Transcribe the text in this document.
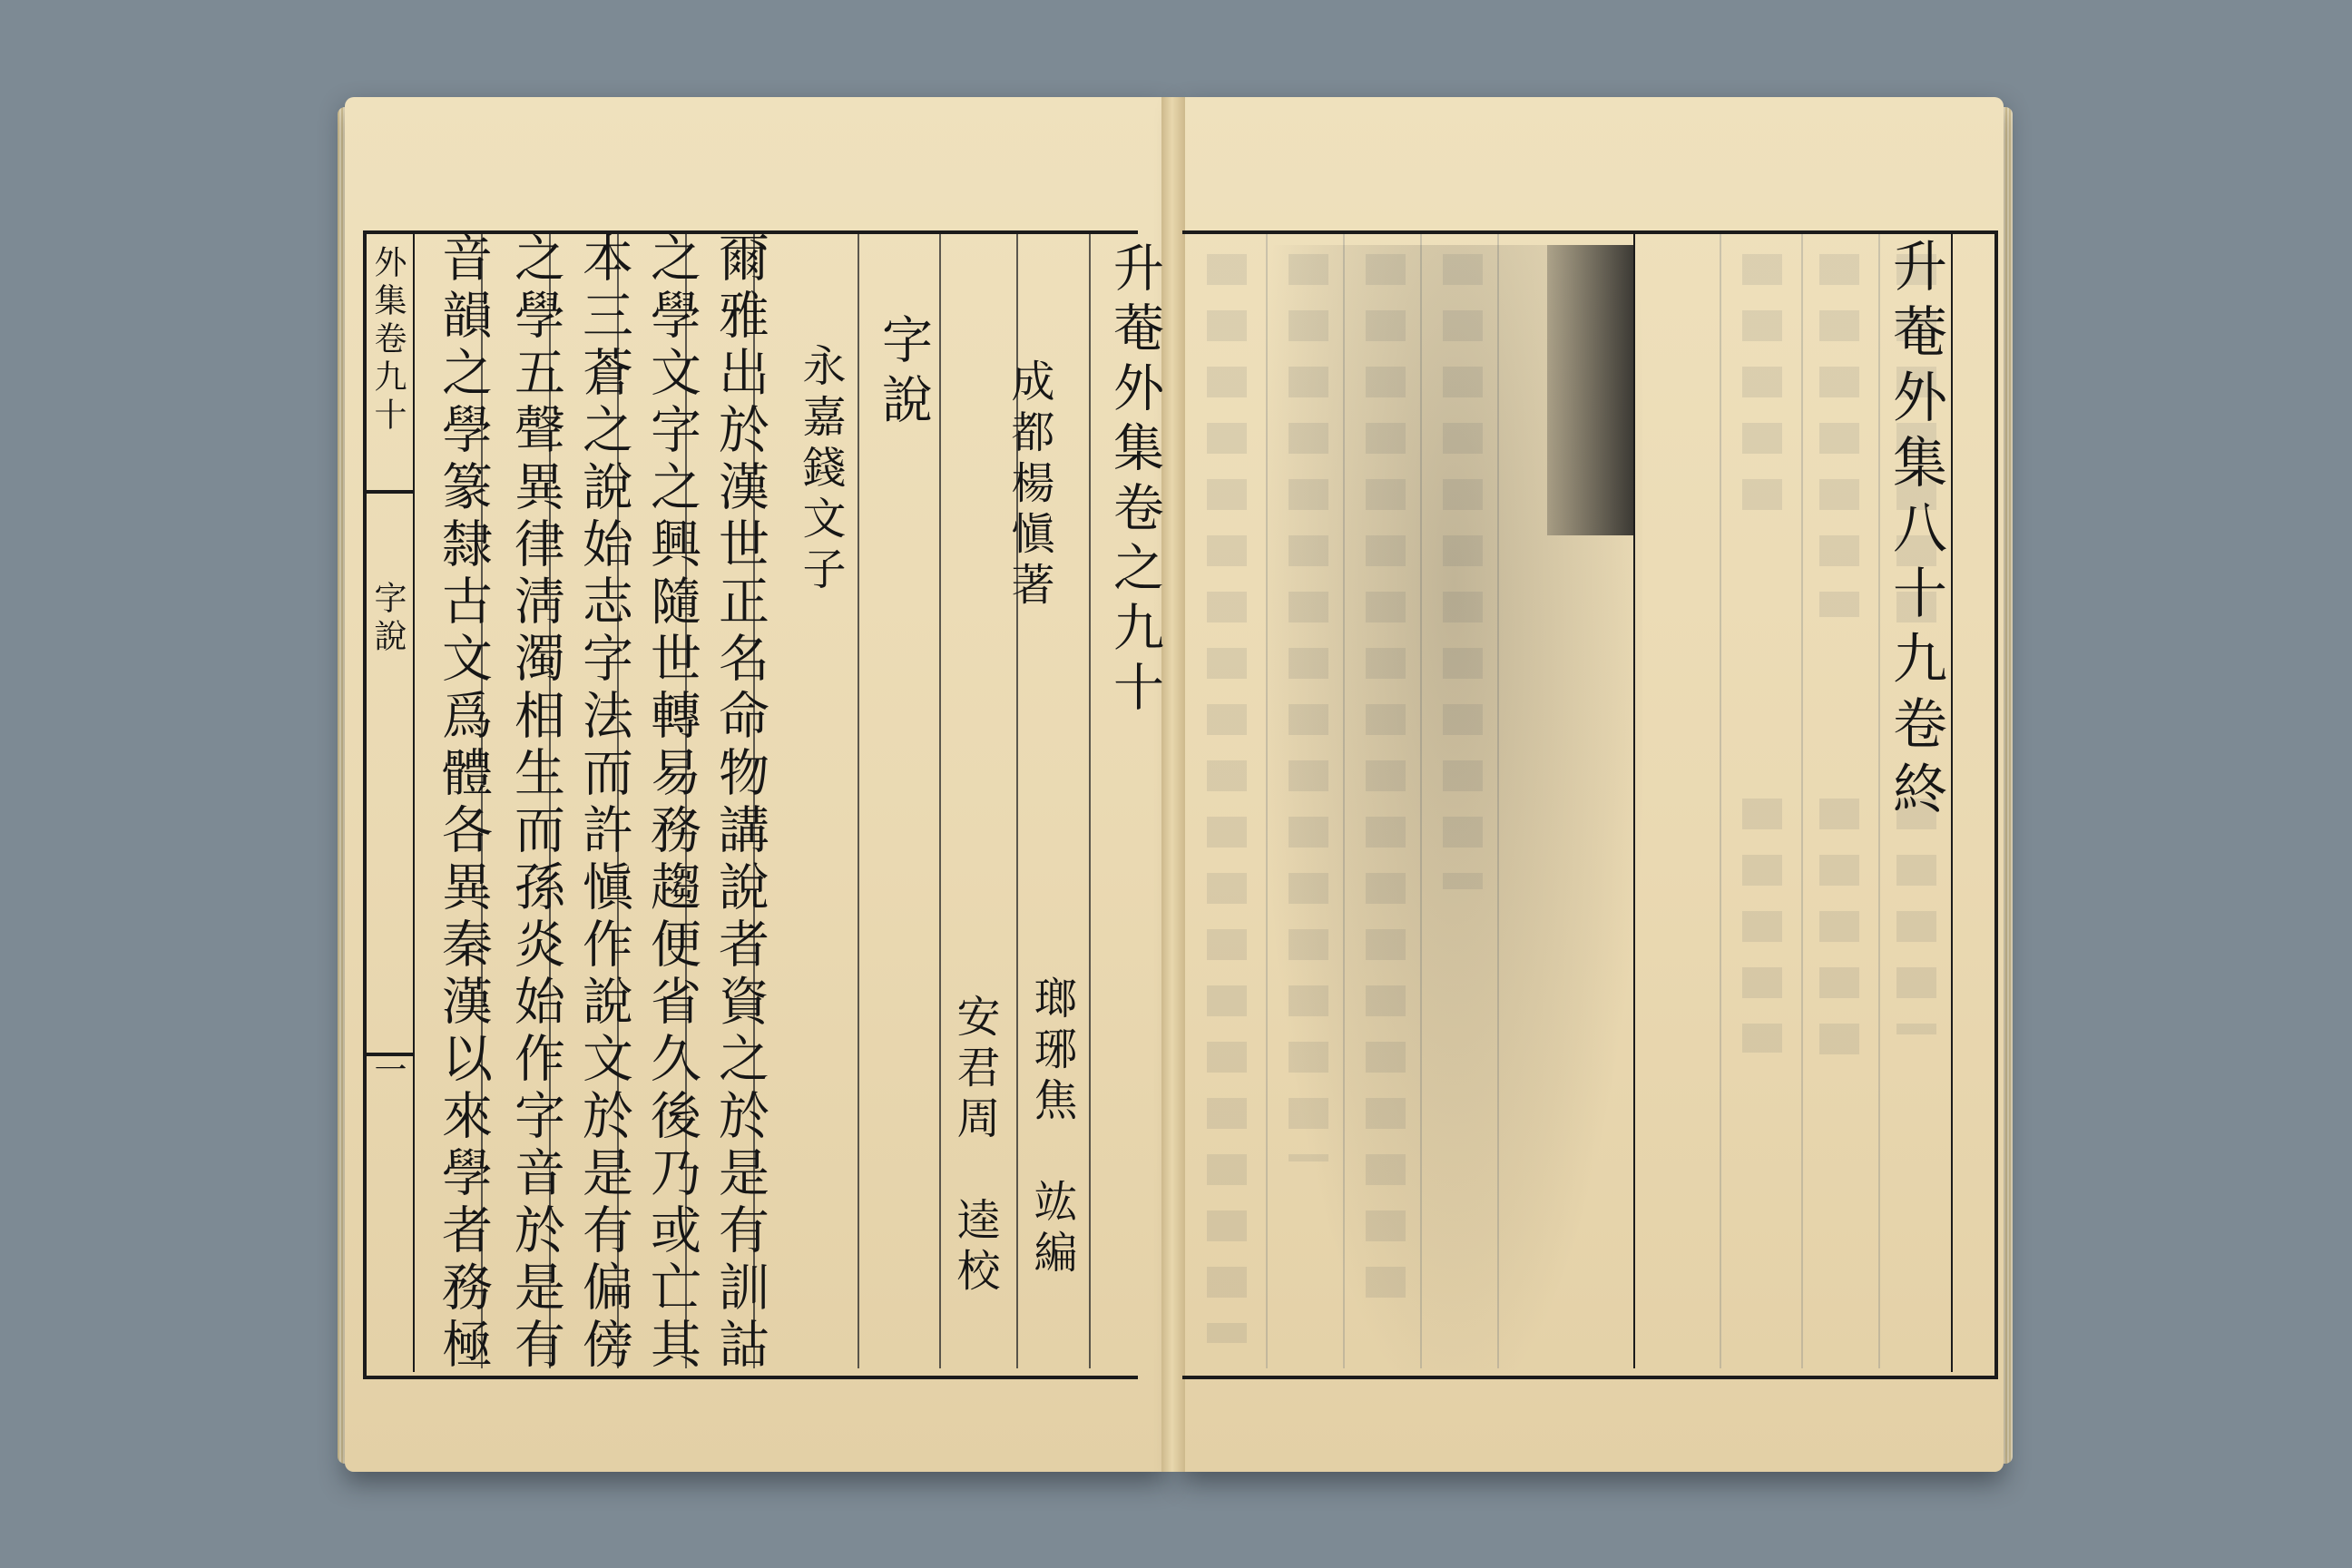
外集卷九十
字說
一
升菴外集卷之九十
成都楊愼著
瑯琊焦　竑編
安君周　逵校
字說
永嘉錢文子
爾雅出於漢世正名命物講說者資之於是有訓詁
之學文字之興隨世轉易務趨便省久後乃或亡其
本三蒼之說始志字法而許愼作說文於是有偏傍
之學五聲異律淸濁相生而孫炎始作字音於是有
音韻之學篆隸古文爲體各異秦漢以來學者務極	升菴外集八十九卷終
